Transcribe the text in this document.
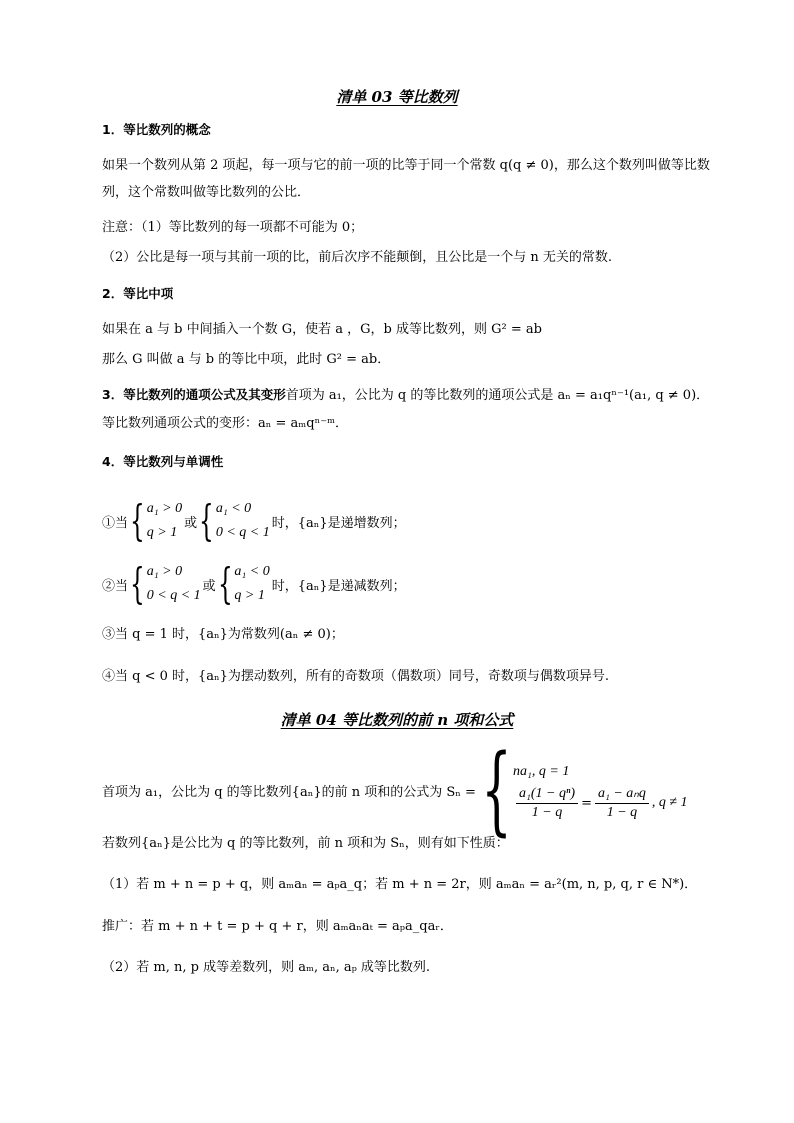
清单 03 等比数列
1．等比数列的概念
如果一个数列从第 2 项起，每一项与它的前一项的比等于同一个常数 q(q ≠ 0)，那么这个数列叫做等比数
列，这个常数叫做等比数列的公比．
注意：（1）等比数列的每一项都不可能为 0；
（2）公比是每一项与其前一项的比，前后次序不能颠倒，且公比是一个与 n 无关的常数.
2．等比中项
如果在 a 与 b 中间插入一个数 G，使若 a ，G，b 成等比数列，则 G² = ab
那么 G 叫做 a 与 b 的等比中项，此时 G² = ab．
3．等比数列的通项公式及其变形首项为 a₁，公比为 q 的等比数列的通项公式是 aₙ = a₁qⁿ⁻¹(a₁, q ≠ 0)．
等比数列通项公式的变形：aₙ = aₘqⁿ⁻ᵐ．
4．等比数列与单调性
①当 { a₁ > 0
q > 1
或 { a₁ < 0
0 < q < 1
时，{aₙ}是递增数列；
②当 { a₁ > 0
0 < q < 1
或 { a₁ < 0
q > 1
时，{aₙ}是递减数列；
③当 q = 1 时，{aₙ}为常数列(aₙ ≠ 0)；
④当 q < 0 时，{aₙ}为摆动数列，所有的奇数项（偶数项）同号，奇数项与偶数项异号.
清单 04 等比数列的前 n 项和公式
首项为 a₁，公比为 q 的等比数列{aₙ}的前 n 项和的公式为 Sₙ = { na₁, q = 1
$\frac{\text{a₁(1 − qⁿ)}}{1 - q} = \frac{\text{a₁ − aₙq}}{1 - q}$ , q ≠ 1
若数列{aₙ}是公比为 q 的等比数列，前 n 项和为 Sₙ，则有如下性质：
（1）若 m + n = p + q，则 aₘaₙ = aₚa_q；若 m + n = 2r，则 aₘaₙ = aᵣ²(m, n, p, q, r ∈ N*)．
推广：若 m + n + t = p + q + r，则 aₘaₙaₜ = aₚa_qaᵣ．
（2）若 m, n, p 成等差数列，则 aₘ, aₙ, aₚ 成等比数列.
